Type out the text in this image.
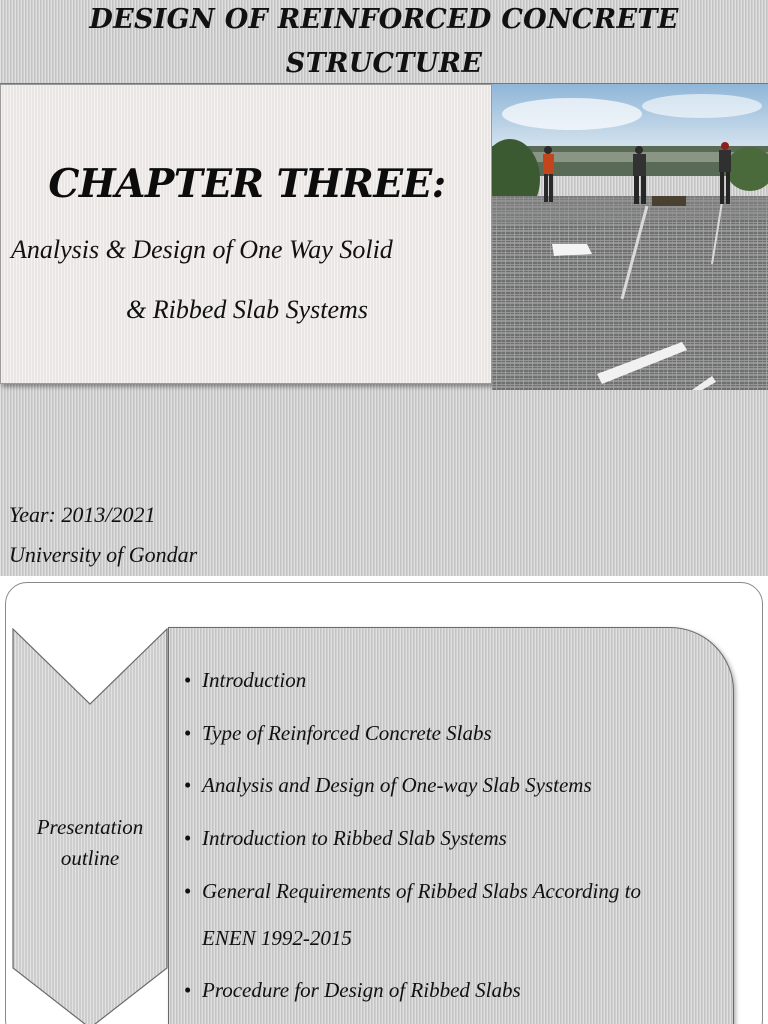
DESIGN OF REINFORCED CONCRETE STRUCTURE
CHAPTER THREE:
Analysis & Design of One Way Solid
& Ribbed Slab Systems
Year: 2013/2021
University of Gondar
Presentation outline
• Introduction
• Type of Reinforced Concrete Slabs
• Analysis and Design of One-way Slab Systems
• Introduction to Ribbed Slab Systems
• General Requirements of Ribbed Slabs According to
ENEN 1992-2015
• Procedure for Design of Ribbed Slabs
